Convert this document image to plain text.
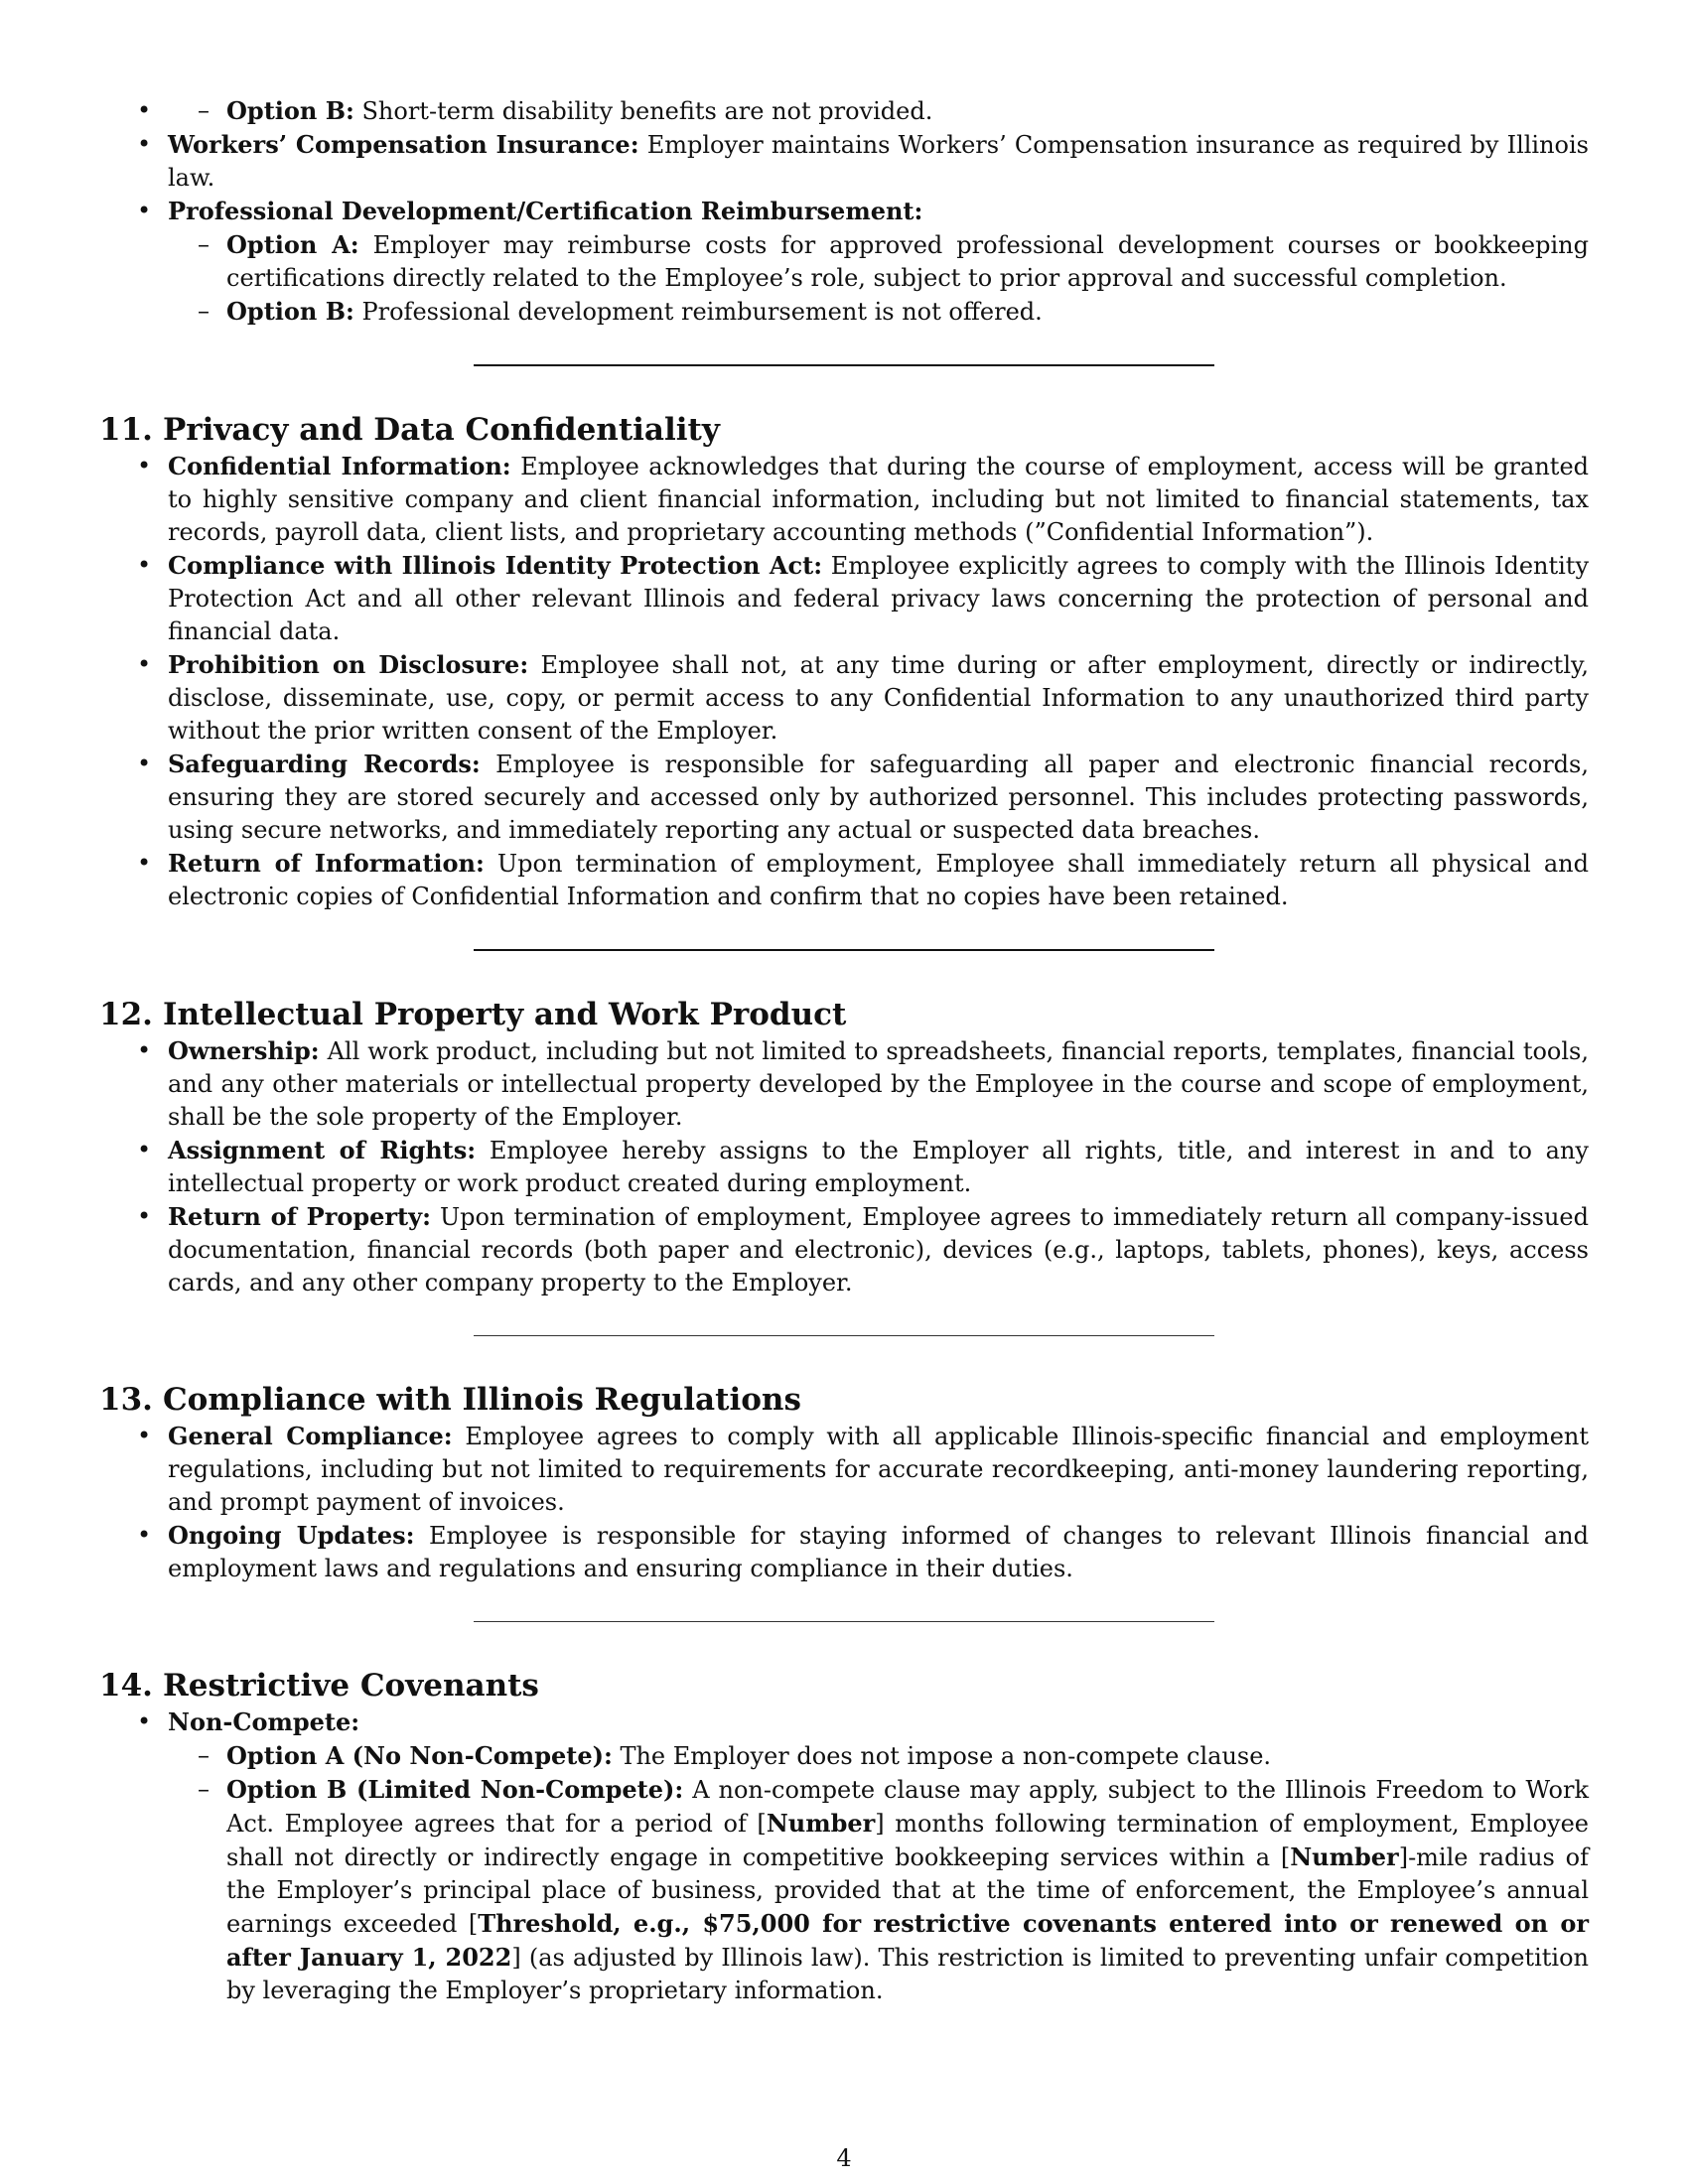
– • Option B: Short-term disability benefits are not provided.
• Workers’ Compensation Insurance: Employer maintains Workers’ Compensation insurance as required by Illinois law.
• Professional Development/Certification Reimbursement:
– Option A: Employer may reimburse costs for approved professional development courses or bookkeeping certifications directly related to the Employee’s role, subject to prior approval and successful completion.
– Option B: Professional development reimbursement is not offered.
11. Privacy and Data Confidentiality
• Confidential Information: Employee acknowledges that during the course of employment, access will be granted to highly sensitive company and client financial information, including but not limited to financial statements, tax records, payroll data, client lists, and proprietary accounting methods (”Confidential Information”).
• Compliance with Illinois Identity Protection Act: Employee explicitly agrees to comply with the Illinois Identity Protection Act and all other relevant Illinois and federal privacy laws concerning the protection of personal and financial data.
• Prohibition on Disclosure: Employee shall not, at any time during or after employment, directly or indirectly, disclose, disseminate, use, copy, or permit access to any Confidential Information to any unauthorized third party without the prior written consent of the Employer.
• Safeguarding Records: Employee is responsible for safeguarding all paper and electronic financial records, ensuring they are stored securely and accessed only by authorized personnel. This includes protecting passwords, using secure networks, and immediately reporting any actual or suspected data breaches.
• Return of Information: Upon termination of employment, Employee shall immediately return all physical and electronic copies of Confidential Information and confirm that no copies have been retained.
12. Intellectual Property and Work Product
• Ownership: All work product, including but not limited to spreadsheets, financial reports, templates, financial tools, and any other materials or intellectual property developed by the Employee in the course and scope of employment, shall be the sole property of the Employer.
• Assignment of Rights: Employee hereby assigns to the Employer all rights, title, and interest in and to any intellectual property or work product created during employment.
• Return of Property: Upon termination of employment, Employee agrees to immediately return all company-issued documentation, financial records (both paper and electronic), devices (e.g., laptops, tablets, phones), keys, access cards, and any other company property to the Employer.
13. Compliance with Illinois Regulations
• General Compliance: Employee agrees to comply with all applicable Illinois-specific financial and employment regulations, including but not limited to requirements for accurate recordkeeping, anti-money laundering reporting, and prompt payment of invoices.
• Ongoing Updates: Employee is responsible for staying informed of changes to relevant Illinois financial and employment laws and regulations and ensuring compliance in their duties.
14. Restrictive Covenants
• Non-Compete:
– Option A (No Non-Compete): The Employer does not impose a non-compete clause.
– Option B (Limited Non-Compete): A non-compete clause may apply, subject to the Illinois Freedom to Work Act. Employee agrees that for a period of [Number] months following termination of employment, Employee shall not directly or indirectly engage in competitive bookkeeping services within a [Number]-mile radius of the Employer’s principal place of business, provided that at the time of enforcement, the Employee’s annual earnings exceeded [Threshold, e.g., $75,000 for restrictive covenants entered into or renewed on or after January 1, 2022] (as adjusted by Illinois law). This restriction is limited to preventing unfair competition by leveraging the Employer’s proprietary information.
4
